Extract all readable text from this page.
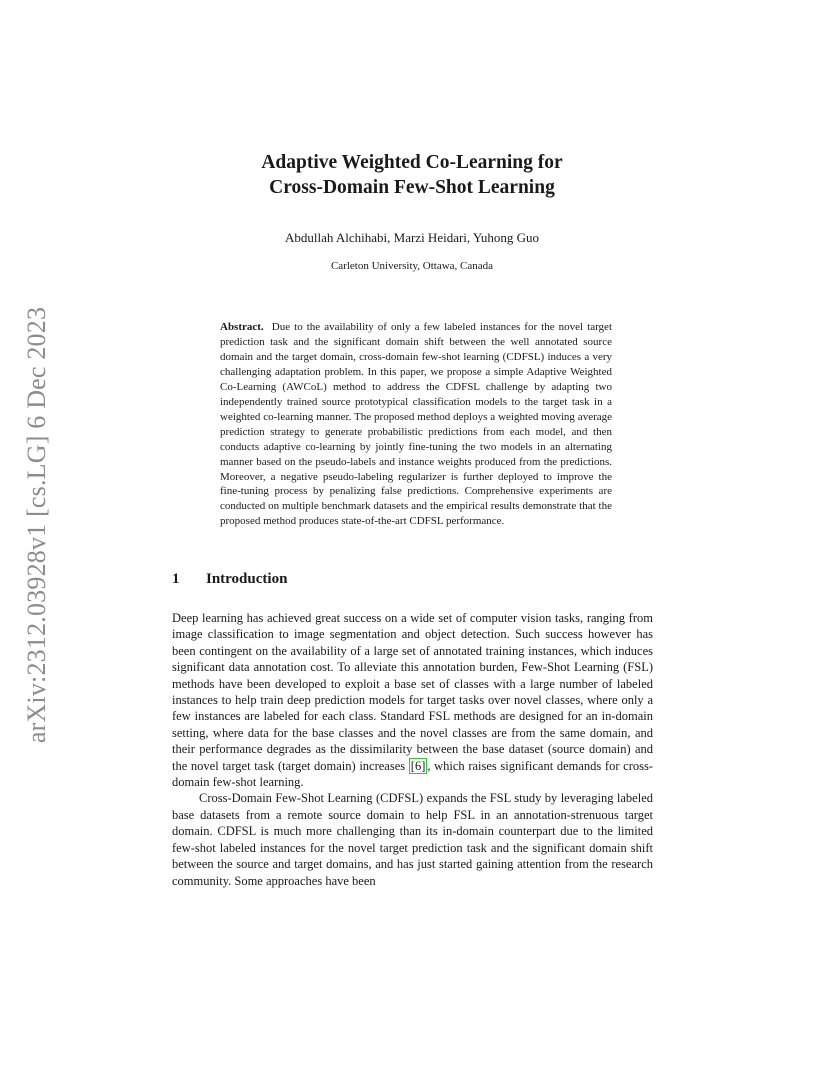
arXiv:2312.03928v1 [cs.LG] 6 Dec 2023
Adaptive Weighted Co-Learning for
Cross-Domain Few-Shot Learning
Abdullah Alchihabi, Marzi Heidari, Yuhong Guo
Carleton University, Ottawa, Canada
Abstract. Due to the availability of only a few labeled instances for the novel target prediction task and the significant domain shift between the well annotated source domain and the target domain, cross-domain few-shot learning (CDFSL) induces a very challenging adaptation problem. In this paper, we propose a simple Adaptive Weighted Co-Learning (AWCoL) method to address the CDFSL challenge by adapting two independently trained source prototypical classification models to the target task in a weighted co-learning manner. The proposed method deploys a weighted moving average prediction strategy to generate probabilistic predictions from each model, and then conducts adaptive co-learning by jointly fine-tuning the two models in an alternating manner based on the pseudo-labels and instance weights produced from the predictions. Moreover, a negative pseudo-labeling regularizer is further deployed to improve the fine-tuning process by penalizing false predictions. Comprehensive experiments are conducted on multiple benchmark datasets and the empirical results demonstrate that the proposed method produces state-of-the-art CDFSL performance.
1 Introduction

Deep learning has achieved great success on a wide set of computer vision tasks, ranging from image classification to image segmentation and object detection. Such success however has been contingent on the availability of a large set of annotated training instances, which induces significant data annotation cost. To alleviate this annotation burden, Few-Shot Learning (FSL) methods have been developed to exploit a base set of classes with a large number of labeled instances to help train deep prediction models for target tasks over novel classes, where only a few instances are labeled for each class. Standard FSL methods are designed for an in-domain setting, where data for the base classes and the novel classes are from the same domain, and their performance degrades as the dissimilarity between the base dataset (source domain) and the novel target task (target domain) increases [6] , which raises significant demands for cross-domain few-shot learning.

Cross-Domain Few-Shot Learning (CDFSL) expands the FSL study by leveraging labeled base datasets from a remote source domain to help FSL in an annotation-strenuous target domain. CDFSL is much more challenging than its in-domain counterpart due to the limited few-shot labeled instances for the novel target prediction task and the significant domain shift between the source and target domains, and has just started gaining attention from the research community. Some approaches have been
